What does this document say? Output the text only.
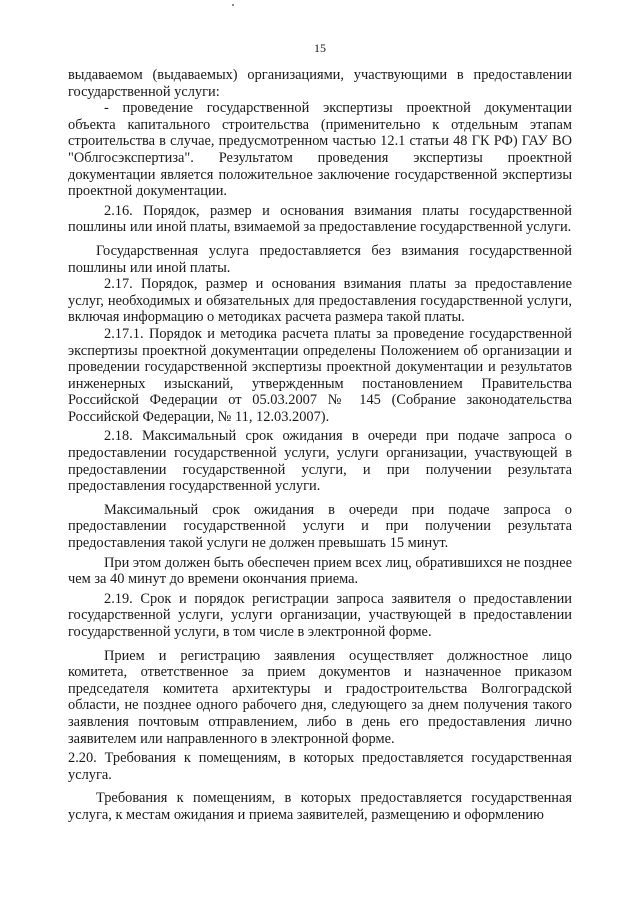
15

выдаваемом (выдаваемых) организациями, участвующими в предоставлении государственной услуги:

- проведение государственной экспертизы проектной документации объекта капитального строительства (применительно к отдельным этапам строительства в случае, предусмотренном частью 12.1 статьи 48 ГК РФ) ГАУ ВО "Облгосэкспертиза". Результатом проведения экспертизы проектной документации является положительное заключение государственной экспертизы проектной документации.

2.16. Порядок, размер и основания взимания платы государственной пошлины или иной платы, взимаемой за предоставление государственной услуги.

Государственная услуга предоставляется без взимания государственной пошлины или иной платы.

2.17. Порядок, размер и основания взимания платы за предоставление услуг, необходимых и обязательных для предоставления государственной услуги, включая информацию о методиках расчета размера такой платы.

2.17.1. Порядок и методика расчета платы за проведение государственной экспертизы проектной документации определены Положением об организации и проведении государственной экспертизы проектной документации и результатов инженерных изысканий, утвержденным постановлением Правительства Российской Федерации от 05.03.2007 № 145 (Собрание законодательства Российской Федерации, № 11, 12.03.2007).

2.18. Максимальный срок ожидания в очереди при подаче запроса о предоставлении государственной услуги, услуги организации, участвующей в предоставлении государственной услуги, и при получении результата предоставления государственной услуги.

Максимальный срок ожидания в очереди при подаче запроса о предоставлении государственной услуги и при получении результата предоставления такой услуги не должен превышать 15 минут.

При этом должен быть обеспечен прием всех лиц, обратившихся не позднее чем за 40 минут до времени окончания приема.

2.19. Срок и порядок регистрации запроса заявителя о предоставлении государственной услуги, услуги организации, участвующей в предоставлении государственной услуги, в том числе в электронной форме.

Прием и регистрацию заявления осуществляет должностное лицо комитета, ответственное за прием документов и назначенное приказом председателя комитета архитектуры и градостроительства Волгоградской области, не позднее одного рабочего дня, следующего за днем получения такого заявления почтовым отправлением, либо в день его предоставления лично заявителем или направленного в электронной форме.

2.20. Требования к помещениям, в которых предоставляется государственная услуга.

Требования к помещениям, в которых предоставляется государственная услуга, к местам ожидания и приема заявителей, размещению и оформлению
